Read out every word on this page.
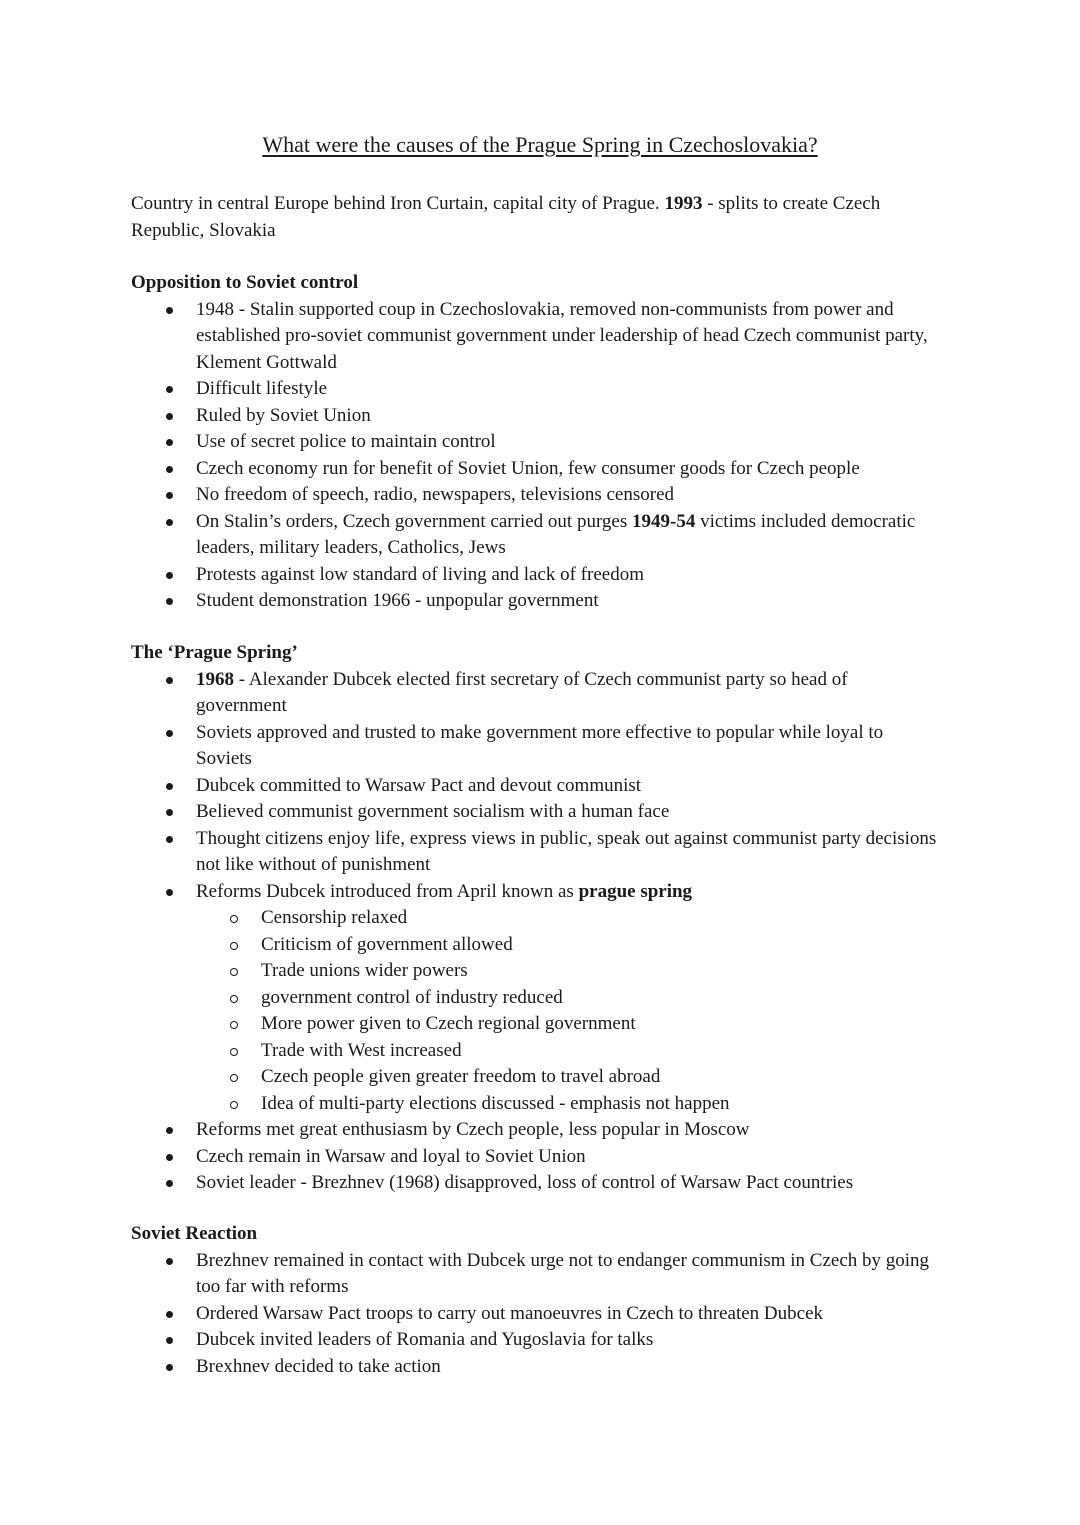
What were the causes of the Prague Spring in Czechoslovakia?
Country in central Europe behind Iron Curtain, capital city of Prague. 1993 - splits to create Czech Republic, Slovakia

Opposition to Soviet control

1948 - Stalin supported coup in Czechoslovakia, removed non-communists from power and established pro-soviet communist government under leadership of head Czech communist party, Klement Gottwald
Difficult lifestyle
Ruled by Soviet Union
Use of secret police to maintain control
Czech economy run for benefit of Soviet Union, few consumer goods for Czech people
No freedom of speech, radio, newspapers, televisions censored
On Stalin’s orders, Czech government carried out purges 1949-54 victims included democratic leaders, military leaders, Catholics, Jews
Protests against low standard of living and lack of freedom
Student demonstration 1966 - unpopular government

The ‘Prague Spring’

1968 - Alexander Dubcek elected first secretary of Czech communist party so head of government
Soviets approved and trusted to make government more effective to popular while loyal to Soviets
Dubcek committed to Warsaw Pact and devout communist
Believed communist government socialism with a human face
Thought citizens enjoy life, express views in public, speak out against communist party decisions not like without of punishment
Reforms Dubcek introduced from April known as prague spring
Censorship relaxed
Criticism of government allowed
Trade unions wider powers
government control of industry reduced
More power given to Czech regional government
Trade with West increased
Czech people given greater freedom to travel abroad
Idea of multi-party elections discussed - emphasis not happen
Reforms met great enthusiasm by Czech people, less popular in Moscow
Czech remain in Warsaw and loyal to Soviet Union
Soviet leader - Brezhnev (1968) disapproved, loss of control of Warsaw Pact countries

Soviet Reaction

Brezhnev remained in contact with Dubcek urge not to endanger communism in Czech by going too far with reforms
Ordered Warsaw Pact troops to carry out manoeuvres in Czech to threaten Dubcek
Dubcek invited leaders of Romania and Yugoslavia for talks
Brexhnev decided to take action
